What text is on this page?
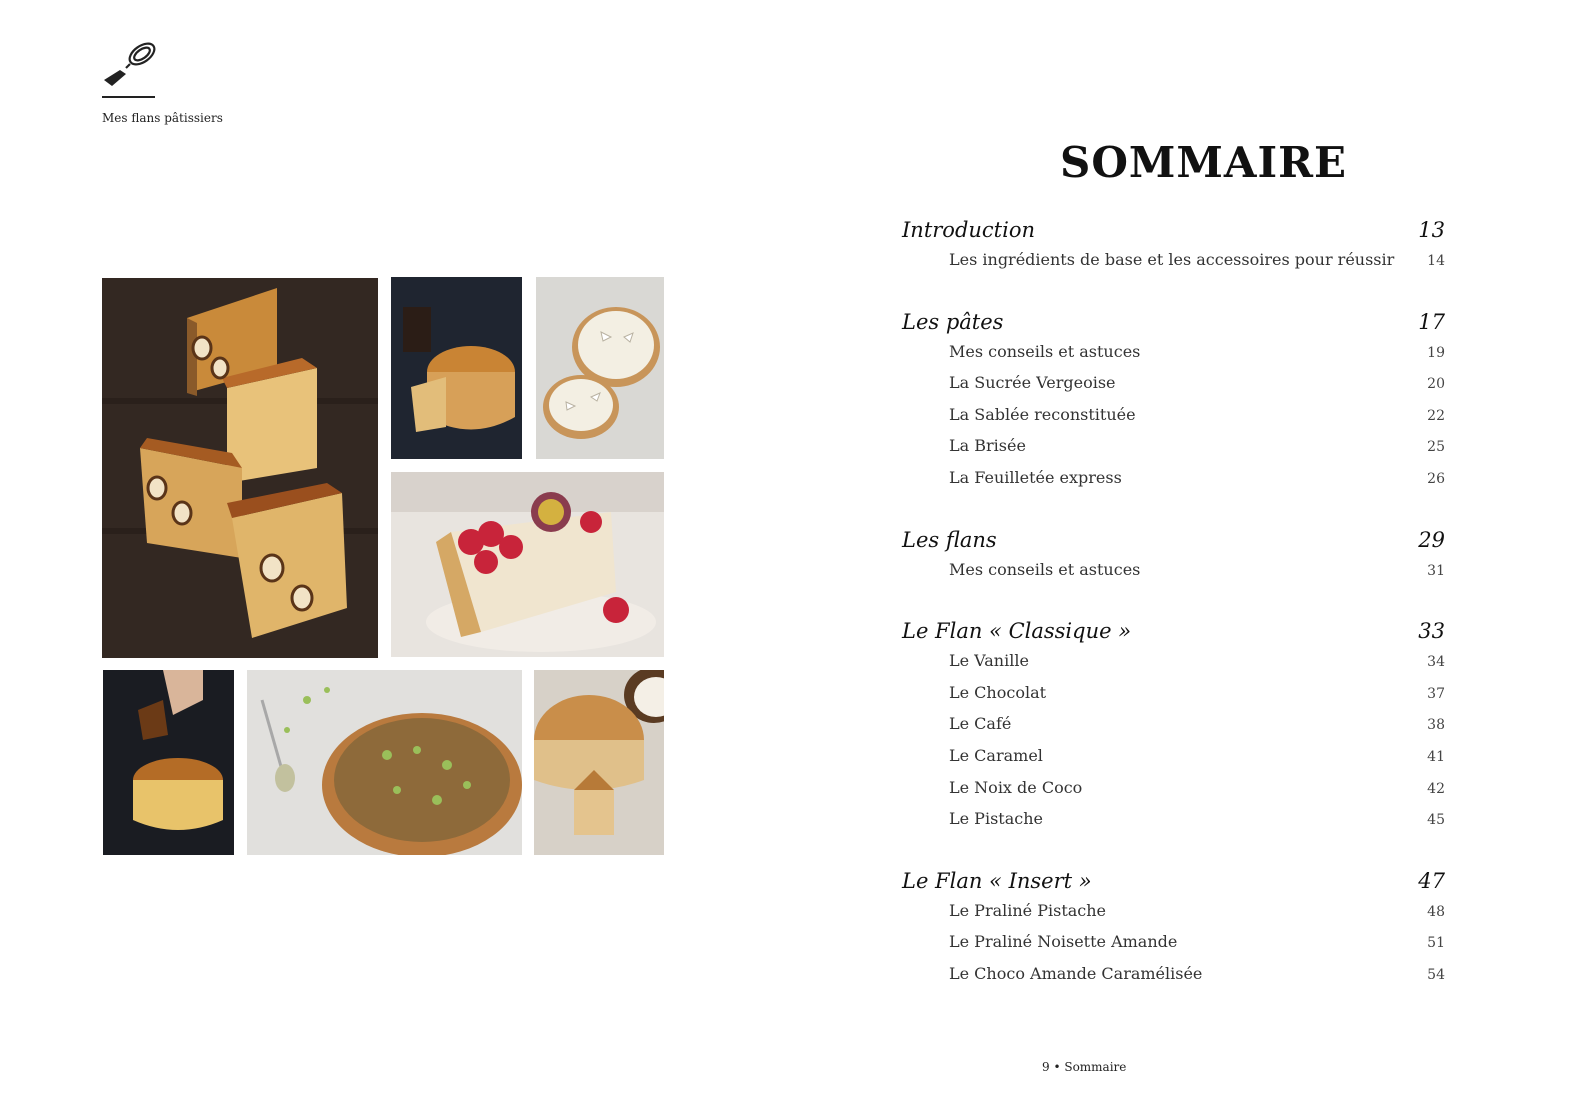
Mes flans pâtissiers
SOMMAIRE
Introduction	13
Les ingrédients de base et les accessoires pour réussir 14
Les pâtes	17
Mes conseils et astuces	19
La Sucrée Vergeoise	20
La Sablée reconstituée	22
La Brisée	25
La Feuilletée express	26
Les flans	29
Mes conseils et astuces	31
Le Flan « Classique »	33
Le Vanille	34
Le Chocolat	37
Le Café	38
Le Caramel	41
Le Noix de Coco	42
Le Pistache	45
Le Flan « Insert »	47
Le Praliné Pistache	48
Le Praliné Noisette Amande	51
Le Choco Amande Caramélisée	54
9 • Sommaire
